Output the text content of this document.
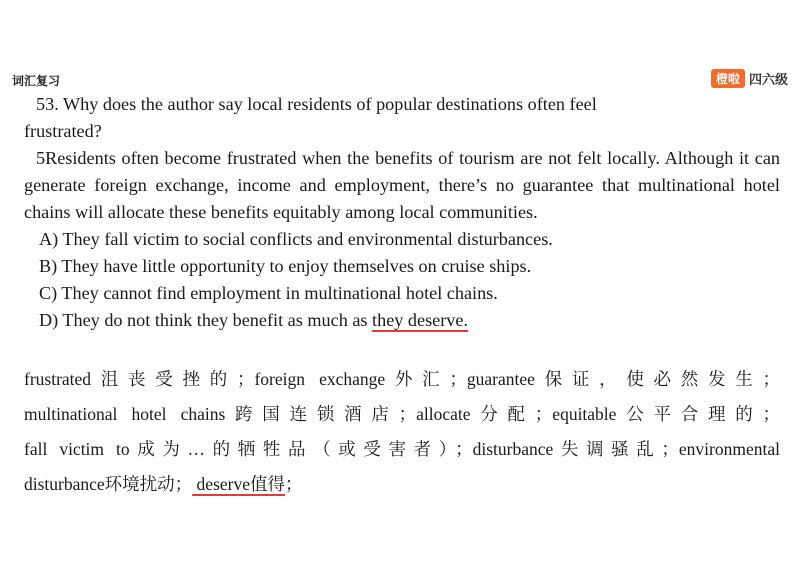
词汇复习	橙啦 四六级

53. Why does the author say local residents of popular destinations often feel

frustrated?

5Residents often become frustrated when the benefits of tourism are not felt locally. Although it can generate foreign exchange, income and employment, there’s no guarantee that multinational hotel chains will allocate these benefits equitably among local communities.

A) They fall victim to social conflicts and environmental disturbances.

B) They have little opportunity to enjoy themselves on cruise ships.

C) They cannot find employment in multinational hotel chains.

D) They do not think they benefit as much as they deserve.

frustrated沮丧受挫的；foreign exchange外汇；guarantee保证，使必然发生；
multinational hotel chains跨国连锁酒店；allocate分配；equitable公平合理的；
fall victim to成为…的牺牲品（或受害者）；disturbance失调骚乱；environmental
disturbance环境扰动； deserve值得；
